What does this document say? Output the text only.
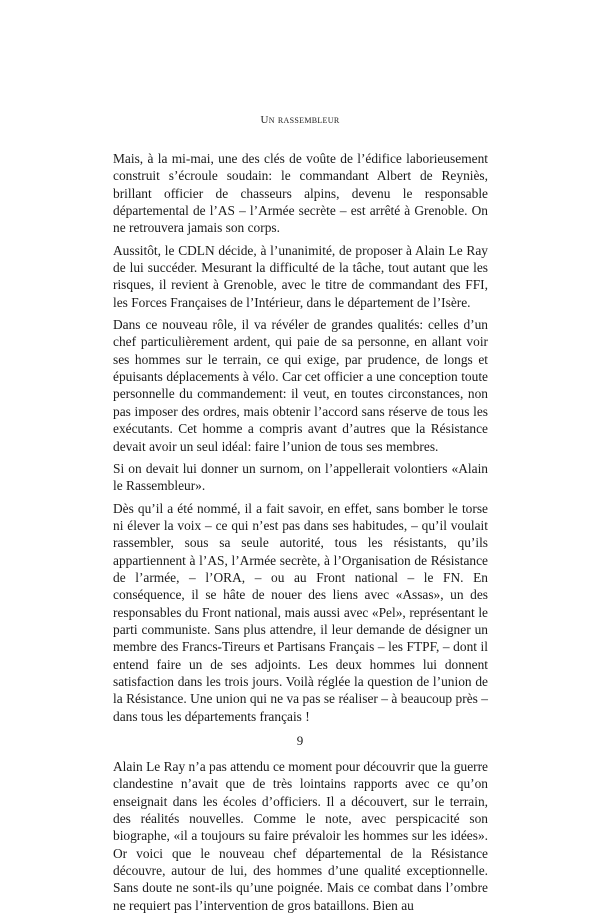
Un rassembleur

Mais, à la mi-mai, une des clés de voûte de l’édifice laborieusement construit s’écroule soudain: le commandant Albert de Reyniès, brillant officier de chasseurs alpins, devenu le responsable départemental de l’AS – l’Armée secrète – est arrêté à Grenoble. On ne retrouvera jamais son corps.

Aussitôt, le CDLN décide, à l’unanimité, de proposer à Alain Le Ray de lui succéder. Mesurant la difficulté de la tâche, tout autant que les risques, il revient à Grenoble, avec le titre de commandant des FFI, les Forces Françaises de l’Intérieur, dans le département de l’Isère.

Dans ce nouveau rôle, il va révéler de grandes qualités: celles d’un chef particulièrement ardent, qui paie de sa personne, en allant voir ses hommes sur le terrain, ce qui exige, par prudence, de longs et épuisants déplacements à vélo. Car cet officier a une conception toute personnelle du commandement: il veut, en toutes circonstances, non pas imposer des ordres, mais obtenir l’accord sans réserve de tous les exécutants. Cet homme a compris avant d’autres que la Résistance devait avoir un seul idéal: faire l’union de tous ses membres.

Si on devait lui donner un surnom, on l’appellerait volontiers «Alain le Rassembleur».

Dès qu’il a été nommé, il a fait savoir, en effet, sans bomber le torse ni élever la voix – ce qui n’est pas dans ses habitudes, – qu’il voulait rassembler, sous sa seule autorité, tous les résistants, qu’ils appartiennent à l’AS, l’Armée secrète, à l’Organisation de Résistance de l’armée, – l’ORA, – ou au Front national – le FN. En conséquence, il se hâte de nouer des liens avec «Assas», un des responsables du Front national, mais aussi avec «Pel», représentant le parti communiste. Sans plus attendre, il leur demande de désigner un membre des Francs-Tireurs et Partisans Français – les FTPF, – dont il entend faire un de ses adjoints. Les deux hommes lui donnent satisfaction dans les trois jours. Voilà réglée la question de l’union de la Résistance. Une union qui ne va pas se réaliser – à beaucoup près – dans tous les départements français !

Alain Le Ray n’a pas attendu ce moment pour découvrir que la guerre clandestine n’avait que de très lointains rapports avec ce qu’on enseignait dans les écoles d’officiers. Il a découvert, sur le terrain, des réalités nouvelles. Comme le note, avec perspicacité son biographe, «il a toujours su faire prévaloir les hommes sur les idées». Or voici que le nouveau chef départemental de la Résistance découvre, autour de lui, des hommes d’une qualité exceptionnelle. Sans doute ne sont-ils qu’une poignée. Mais ce combat dans l’ombre ne requiert pas l’intervention de gros bataillons. Bien au

9
